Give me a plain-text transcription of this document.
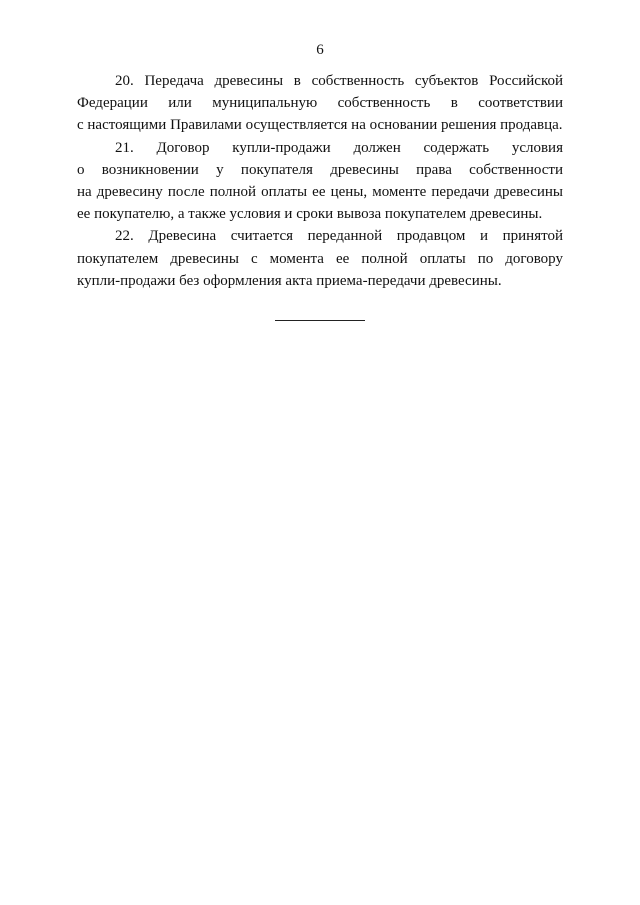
6
20. Передача древесины в собственность субъектов Российской
Федерации или муниципальную собственность в соответствии
с настоящими Правилами осуществляется на основании решения продавца.
21. Договор купли-продажи должен содержать условия
о возникновении у покупателя древесины права собственности
на древесину после полной оплаты ее цены, моменте передачи древесины
ее покупателю, а также условия и сроки вывоза покупателем древесины.
22. Древесина считается переданной продавцом и принятой
покупателем древесины с момента ее полной оплаты по договору
купли-продажи без оформления акта приема-передачи древесины.
